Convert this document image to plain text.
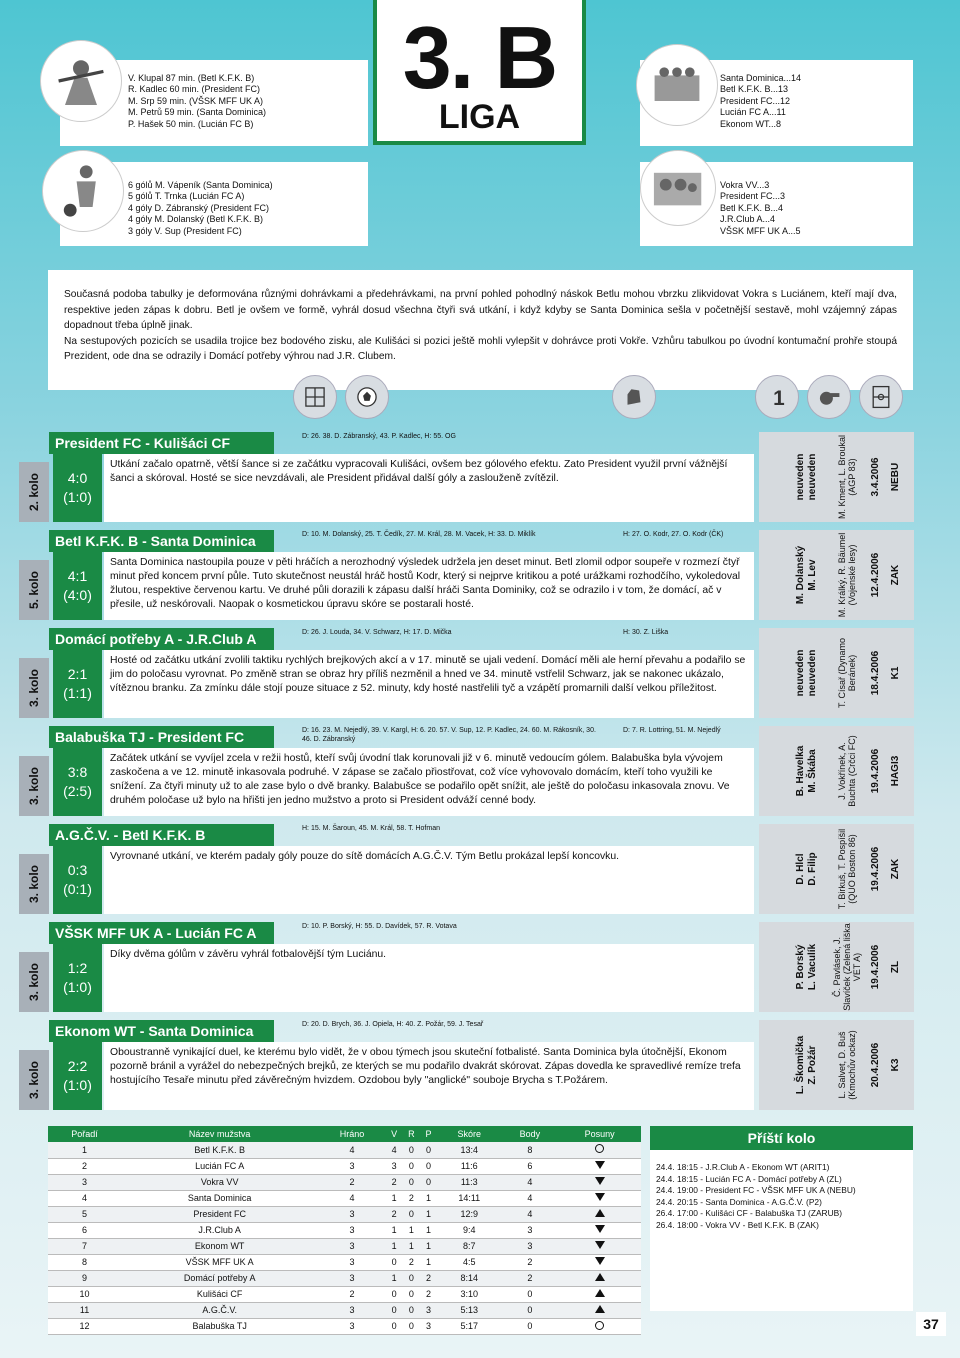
V. Klupal 87 min. (Betl K.F.K. B)
R. Kadlec 60 min. (President FC)
M. Srp 59 min. (VŠSK MFF UK A)
M. Petrů 59 min. (Santa Dominica)
P. Hašek 50 min. (Lucián FC B)
Santa Dominica...14
Betl K.F.K. B...13
President FC...12
Lucián FC A...11
Ekonom WT...8
3. B
LIGA
6 gólů M. Vápeník (Santa Dominica)
5 gólů T. Trnka (Lucián FC A)
4 góly D. Zábranský (President FC)
4 góly M. Dolanský (Betl K.F.K. B)
3 góly V. Sup (President FC)
Vokra VV...3
President FC...3
Betl K.F.K. B...4
J.R.Club A...4
VŠSK MFF UK A...5

Současná podoba tabulky je deformována různými dohrávkami a předehrávkami, na první pohled pohodlný náskok Betlu mohou vbrzku zlikvidovat Vokra s Luciánem, kteří mají dva, respektive jeden zápas k dobru. Betl je ovšem ve formě, vyhrál dosud všechna čtyři svá utkání, i když kdyby se Santa Dominica sešla v početnější sestavě, mohl vzájemný zápas dopadnout třeba úplně jinak.

Na sestupových pozicích se usadila trojice bez bodového zisku, ale Kulišáci si pozici ještě mohli vylepšit v dohrávce proti Vokře. Vzhůru tabulkou po úvodní kontumační prohře stoupá Prezident, ode dna se odrazily i Domácí potřeby výhrou nad J.R. Clubem.

1
2. kolo
President FC - Kulišáci CF	D: 26. 38. D. Zábranský, 43. P. Kadlec, H: 55. OG
4:0
(1:0)
Utkání začalo opatrně, větší šance si ze začátku vypracovali Kulišáci, ovšem bez gólového efektu. Zato President využil první vážnější šanci a skóroval. Hosté se sice nevzdávali, ale President přidával další góly a zaslouženě zvítězil.	neuveden neuveden M. Kment, L. Broukal (AGP 83) 3.4.2006 NEBU
5. kolo
Betl K.F.K. B - Santa Dominica	D: 10. M. Dolanský, 25. T. Čedík, 27. M. Král, 28. M. Vacek, H: 33. D. Miklík	H: 27. O. Kodr, 27. O. Kodr (ČK)
4:1
(4:0)
Santa Dominica nastoupila pouze v pěti hráčích a nerozhodný výsledek udržela jen deset minut. Betl zlomil odpor soupeře v rozmezí čtyř minut před koncem první půle. Tuto skutečnost neustál hráč hostů Kodr, který si nejprve kritikou a poté urážkami rozhodčího, vykoledoval žlutou, respektive červenou kartu. Ve druhé půli dorazili k zápasu další hráči Santa Dominiky, což se odrazilo i v tom, že domácí, ač v přesile, už neskórovali. Naopak o kosmetickou úpravu skóre se postarali hosté.
M. Dolanský M. Lev M. Králký, R. Bäumel (Vojenské lesy) 12.4.2006 ZAK
3. kolo
Domácí potřeby A - J.R.Club A	D: 26. J. Louda, 34. V. Schwarz, H: 17. D. Mička	H: 30. Z. Liška
2:1
(1:1)
Hosté od začátku utkání zvolili taktiku rychlých brejkových akcí a v 17. minutě se ujali vedení. Domácí měli ale herní převahu a podařilo se jim do poločasu vyrovnat. Po změně stran se obraz hry příliš nezměnil a hned ve 34. minutě vstřelil Schwarz, jak se nakonec ukázalo, vítěznou branku. Za zmínku dále stojí pouze situace z 52. minuty, kdy hosté nastřelili tyč a vzápětí promarnili další velkou příležitost.	neuveden neuveden T. Císař (Dynamo Beránek) 18.4.2006 K1
3. kolo
Balabuška TJ - President FC	D: 16. 23. M. Nejedlý, 39. V. Kargl, H: 6. 20. 57. V. Sup, 12. P. Kadlec, 24. 60. M. Rákosník, 30. 46. D. Zábranský
D: 7. R. Lottring, 51. M. Nejedlý
3:8
(2:5)
Začátek utkání se vyvíjel zcela v režii hostů, kteří svůj úvodní tlak korunovali již v 6. minutě vedoucím gólem. Balabuška byla vývojem zaskočena a ve 12. minutě inkasovala podruhé. V zápase se začalo přiostřovat, což více vyhovovalo domácím, kteří toho využili ke snížení. Za čtyři minuty už to ale zase bylo o dvě branky. Balabušce se podařilo opět snížit, ale ještě do poločasu inkasovala znovu. Ve druhém poločase už bylo na hřišti jen jedno mužstvo a proto si President odváží cenné body.
B. Havelka M. Škába J. Vokřínek, A. Buchta (Crčci FC) 19.4.2006 HAGI3
3. kolo
A.G.Č.V. - Betl K.F.K. B	H: 15. M. Šaroun, 45. M. Král, 58. T. Hofman
0:3
(0:1)
Vyrovnané utkání, ve kterém padaly góly pouze do sítě domácích A.G.Č.V. Tým Betlu prokázal lepší koncovku.	D. Hlcl D. Filip T. Birkuš, T. Pospíšil (QUO Boston 86) 19.4.2006 ZAK
3. kolo
VŠSK MFF UK A - Lucián FC A	D: 10. P. Borský, H: 55. D. Davídek, 57. R. Votava
1:2
(1:0)
Díky dvěma gólům v závěru vyhrál fotbalovější tým Luciánu.	P. Borský L. Vaculík Č. Pavlásek, J. Slavíček (Zelená liška VET A) 19.4.2006 ZL
3. kolo
Ekonom WT - Santa Dominica	D: 20. D. Brych, 36. J. Opiela, H: 40. Z. Požár, 59. J. Tesař
2:2
(1:0)
Oboustranně vynikající duel, ke kterému bylo vidět, že v obou týmech jsou skuteční fotbalisté. Santa Dominica byla útočnější, Ekonom pozorně bránil a vyrážel do nebezpečných brejků, ze kterých se mu podařilo dvakrát skórovat. Zápas dovedla ke spravedlivé remíze trefa hostujícího Tesaře minutu před závěrečným hvizdem. Ozdobou byly "anglické" souboje Brycha s T.Požárem.	L. Škomička Z. Požár L. Salvet, D. Buš (Kmochův ockaz) 20.4.2006 K3
Pořadí	Název mužstva	Hráno	V	R	P	Skóre	Body	Posuny
1	Betl K.F.K. B	4	4	0	0	13:4	8	
2	Lucián FC A	3	3	0	0	11:6	6	
3	Vokra VV	2	2	0	0	11:3	4	
4	Santa Dominica	4	1	2	1	14:11	4	
5	President FC	3	2	0	1	12:9	4	
6	J.R.Club A	3	1	1	1	9:4	3	
7	Ekonom WT	3	1	1	1	8:7	3	
8	VŠSK MFF UK A	3	0	2	1	4:5	2	
9	Domácí potřeby A	3	1	0	2	8:14	2	
10	Kulišáci CF	2	0	0	2	3:10	0	
11	A.G.Č.V.	3	0	0	3	5:13	0	
12	Balabuška TJ	3	0	0	3	5:17	0	
Příští kolo
24.4. 18:15 - J.R.Club A - Ekonom WT (ARIT1)
24.4. 18:15 - Lucián FC A - Domácí potřeby A (ZL)
24.4. 19:00 - President FC - VŠSK MFF UK A (NEBU)
24.4. 20:15 - Santa Dominica - A.G.Č.V. (P2)
26.4. 17:00 - Kulišáci CF - Balabuška TJ (ZARUB)
26.4. 18:00 - Vokra VV - Betl K.F.K. B (ZAK)
37
